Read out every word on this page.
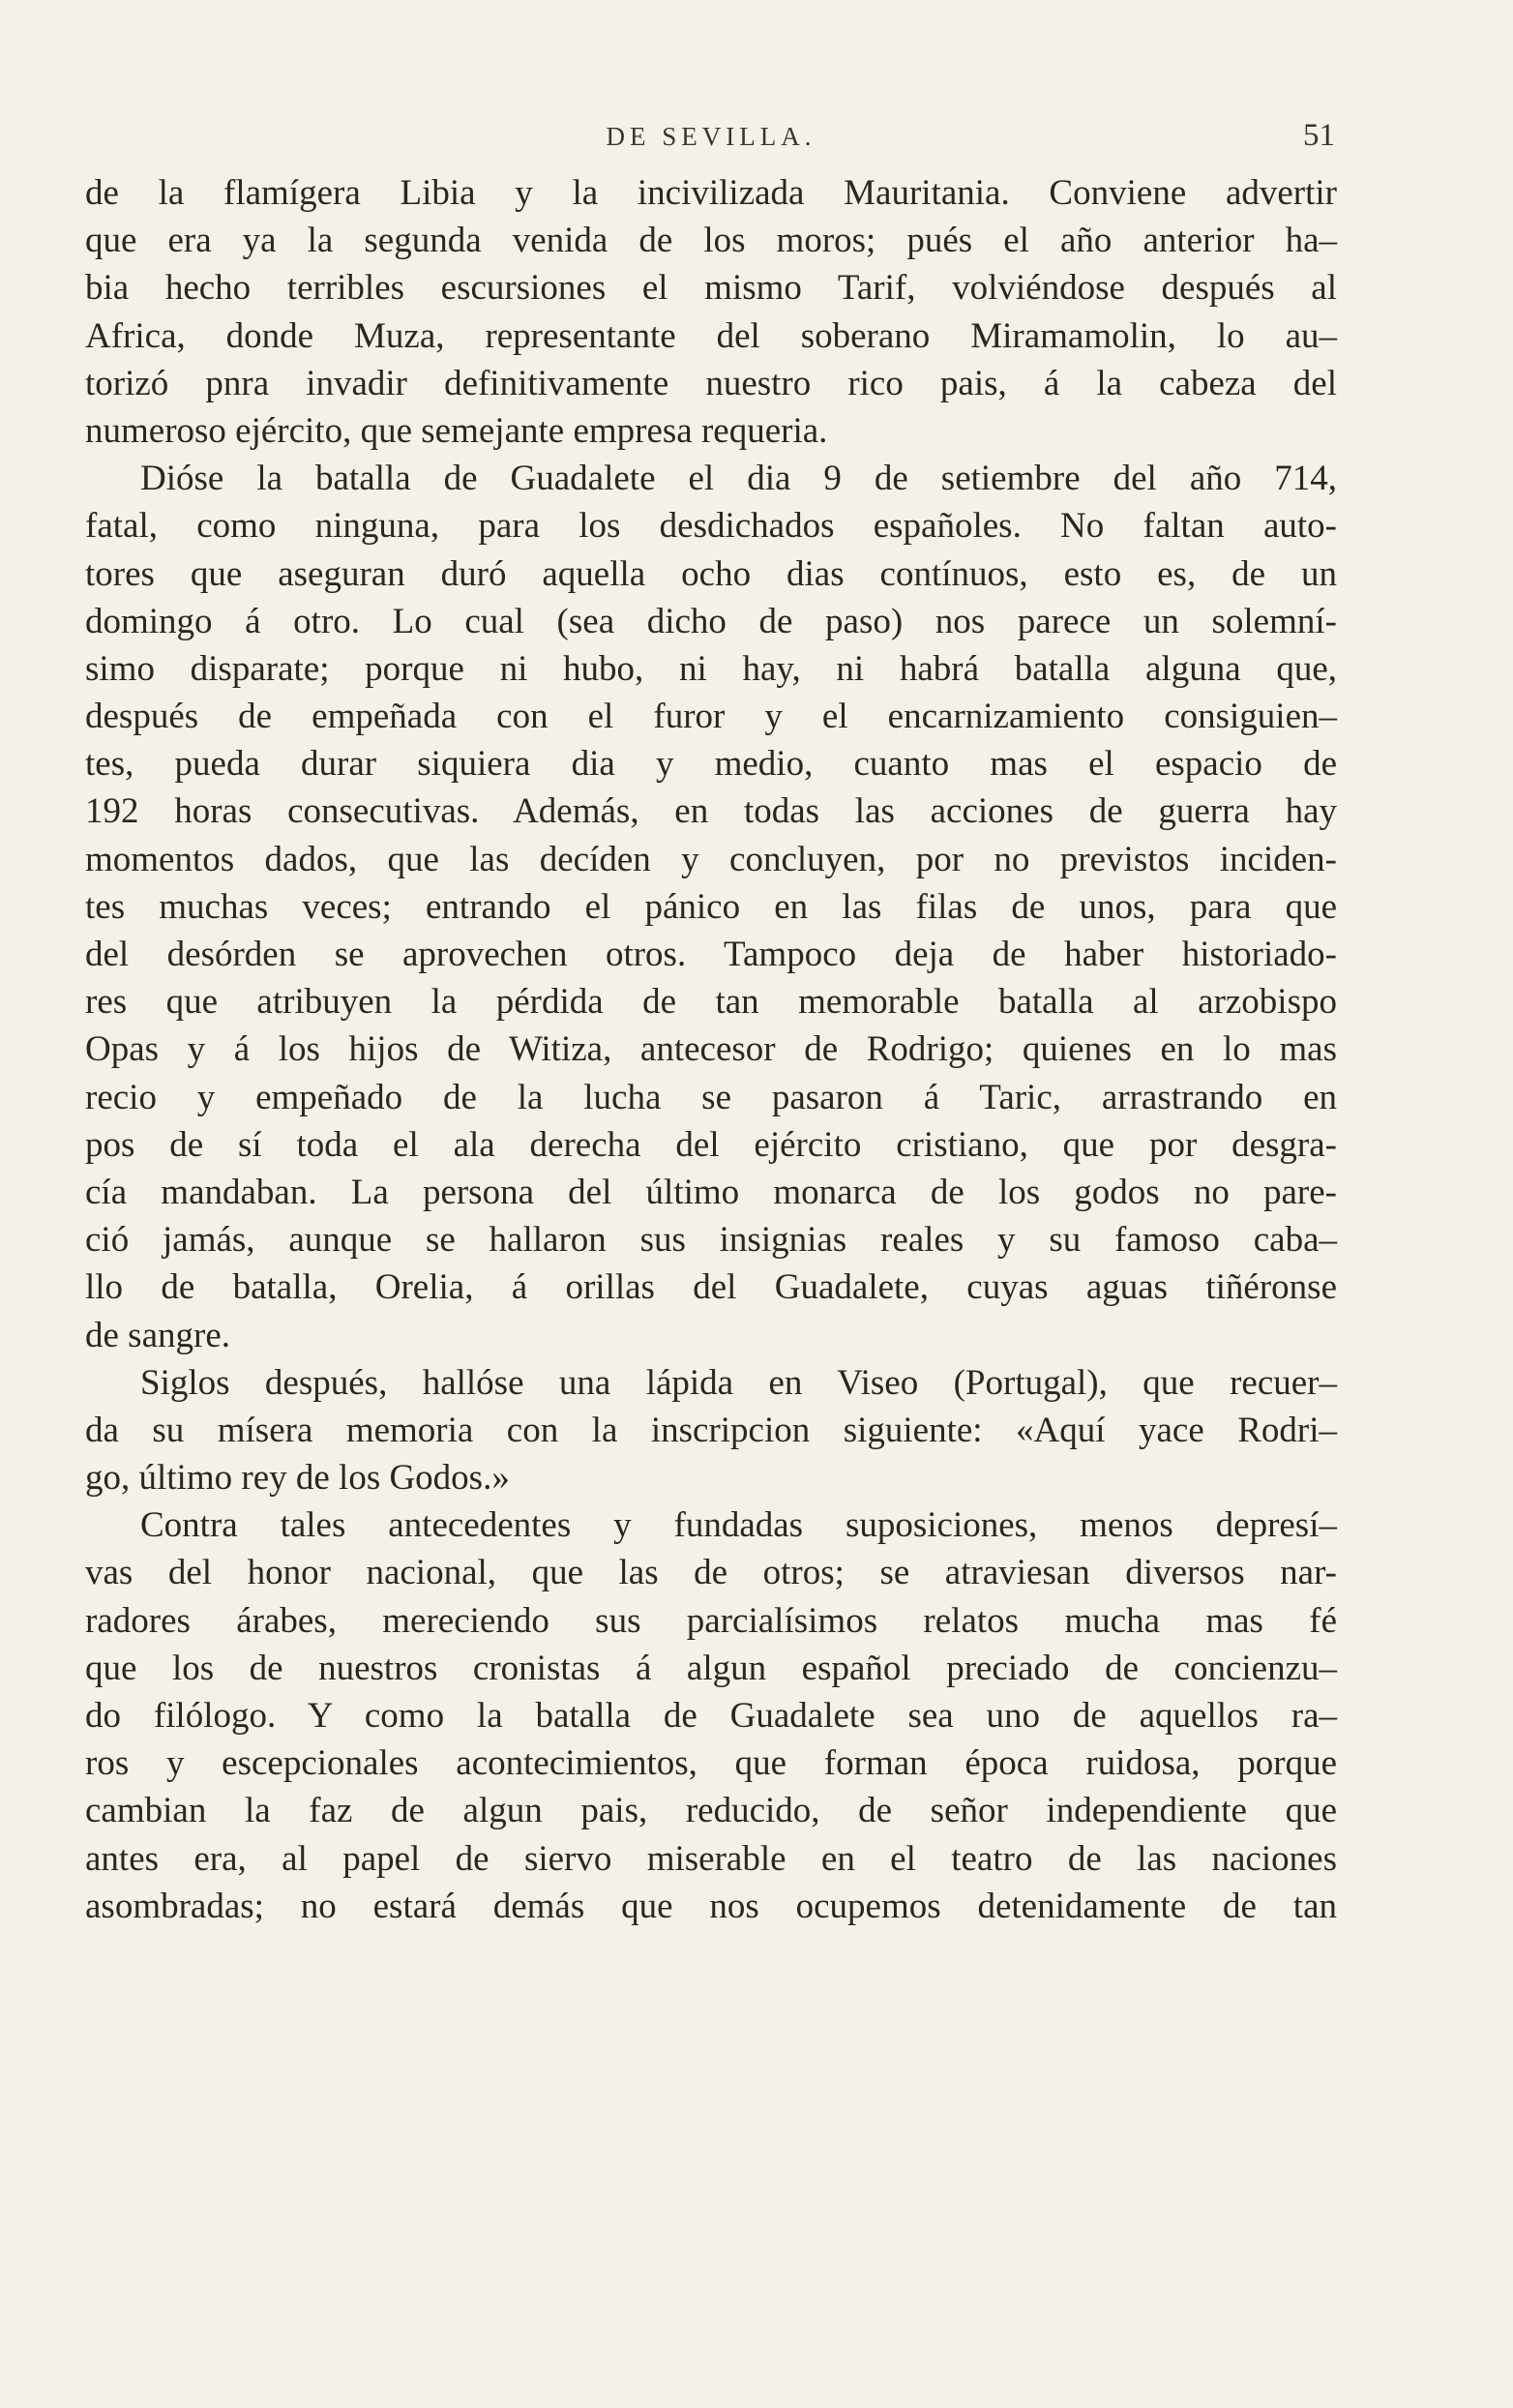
DE SEVILLA.	51
de la flamígera Libia y la incivilizada Mauritania. Conviene advertir
que era ya la segunda venida de los moros; pués el año anterior ha–
bia hecho terribles escursiones el mismo Tarif, volviéndose después al
Africa, donde Muza, representante del soberano Miramamolin, lo au–
torizó pnra invadir definitivamente nuestro rico pais, á la cabeza del
numeroso ejército, que semejante empresa requeria.
Dióse la batalla de Guadalete el dia 9 de setiembre del año 714,
fatal, como ninguna, para los desdichados españoles. No faltan auto-
tores que aseguran duró aquella ocho dias contínuos, esto es, de un
domingo á otro. Lo cual (sea dicho de paso) nos parece un solemní-
simo disparate; porque ni hubo, ni hay, ni habrá batalla alguna que,
después de empeñada con el furor y el encarnizamiento consiguien–
tes, pueda durar siquiera dia y medio, cuanto mas el espacio de
192 horas consecutivas. Además, en todas las acciones de guerra hay
momentos dados, que las decíden y concluyen, por no previstos inciden-
tes muchas veces; entrando el pánico en las filas de unos, para que
del desórden se aprovechen otros. Tampoco deja de haber historiado-
res que atribuyen la pérdida de tan memorable batalla al arzobispo
Opas y á los hijos de Witiza, antecesor de Rodrigo; quienes en lo mas
recio y empeñado de la lucha se pasaron á Taric, arrastrando en
pos de sí toda el ala derecha del ejército cristiano, que por desgra-
cía mandaban. La persona del último monarca de los godos no pare-
ció jamás, aunque se hallaron sus insignias reales y su famoso caba–
llo de batalla, Orelia, á orillas del Guadalete, cuyas aguas tiñéronse
de sangre.
Siglos después, hallóse una lápida en Viseo (Portugal), que recuer–
da su mísera memoria con la inscripcion siguiente: «Aquí yace Rodri–
go, último rey de los Godos.»
Contra tales antecedentes y fundadas suposiciones, menos depresí–
vas del honor nacional, que las de otros; se atraviesan diversos nar-
radores árabes, mereciendo sus parcialísimos relatos mucha mas fé
que los de nuestros cronistas á algun español preciado de concienzu–
do filólogo. Y como la batalla de Guadalete sea uno de aquellos ra–
ros y escepcionales acontecimientos, que forman época ruidosa, porque
cambian la faz de algun pais, reducido, de señor independiente que
antes era, al papel de siervo miserable en el teatro de las naciones
asombradas; no estará demás que nos ocupemos detenidamente de tan
